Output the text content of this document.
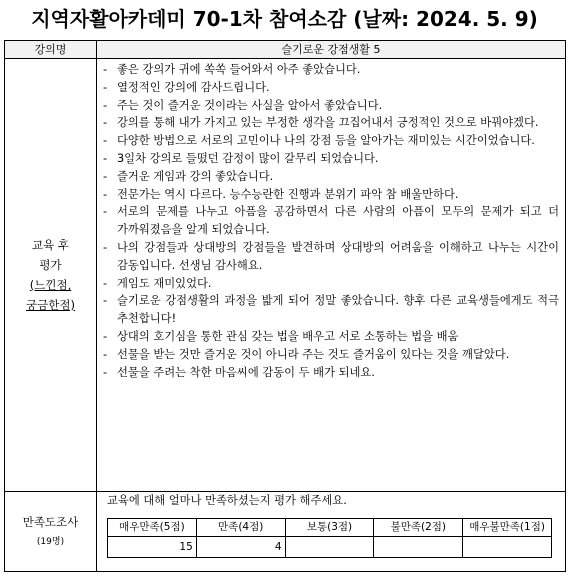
지역자활아카데미 70-1차 참여소감 (날짜: 2024. 5. 9)
강의명	슬기로운 강점생활 5

교육 후
평가
(느낀점,
궁금한점)

- 좋은 강의가 귀에 쏙쏙 들어와서 아주 좋았습니다.
- 열정적인 강의에 감사드립니다.
- 주는 것이 즐거운 것이라는 사실을 알아서 좋았습니다.
- 강의를 통해 내가 가지고 있는 부정한 생각을 끄집어내서 긍정적인 것으로 바꿔야겠다.
- 다양한 방법으로 서로의 고민이나 나의 강점 등을 알아가는 재미있는 시간이었습니다.
- 3일차 강의로 들떴던 감정이 많이 갈무리 되었습니다.
- 즐거운 게임과 강의 좋았습니다.
- 전문가는 역시 다르다. 능수능란한 진행과 분위기 파악 참 배울만하다.
- 서로의 문제를 나누고 아픔을 공감하면서 다른 사람의 아픔이 모두의 문제가 되고 더 가까워졌음을 알게 되었습니다.
- 나의 강점들과 상대방의 강점들을 발견하며 상대방의 어려움을 이해하고 나누는 시간이 감동입니다. 선생님 감사해요.
- 게임도 재미있었다.
- 슬기로운 강점생활의 과정을 밟게 되어 정말 좋았습니다. 향후 다른 교육생들에게도 적극 추천합니다!
- 상대의 호기심을 통한 관심 갖는 법을 배우고 서로 소통하는 법을 배움
- 선물을 받는 것만 즐거운 것이 아니라 주는 것도 즐거움이 있다는 것을 깨달았다.
- 선물을 주려는 착한 마음씨에 감동이 두 배가 되네요.

만족도조사
(19명)

교육에 대해 얼마나 만족하셨는지 평가 해주세요.
매우만족(5점)	만족(4점)	보통(3점)	불만족(2점)	매우불만족(1점)
15	4			
